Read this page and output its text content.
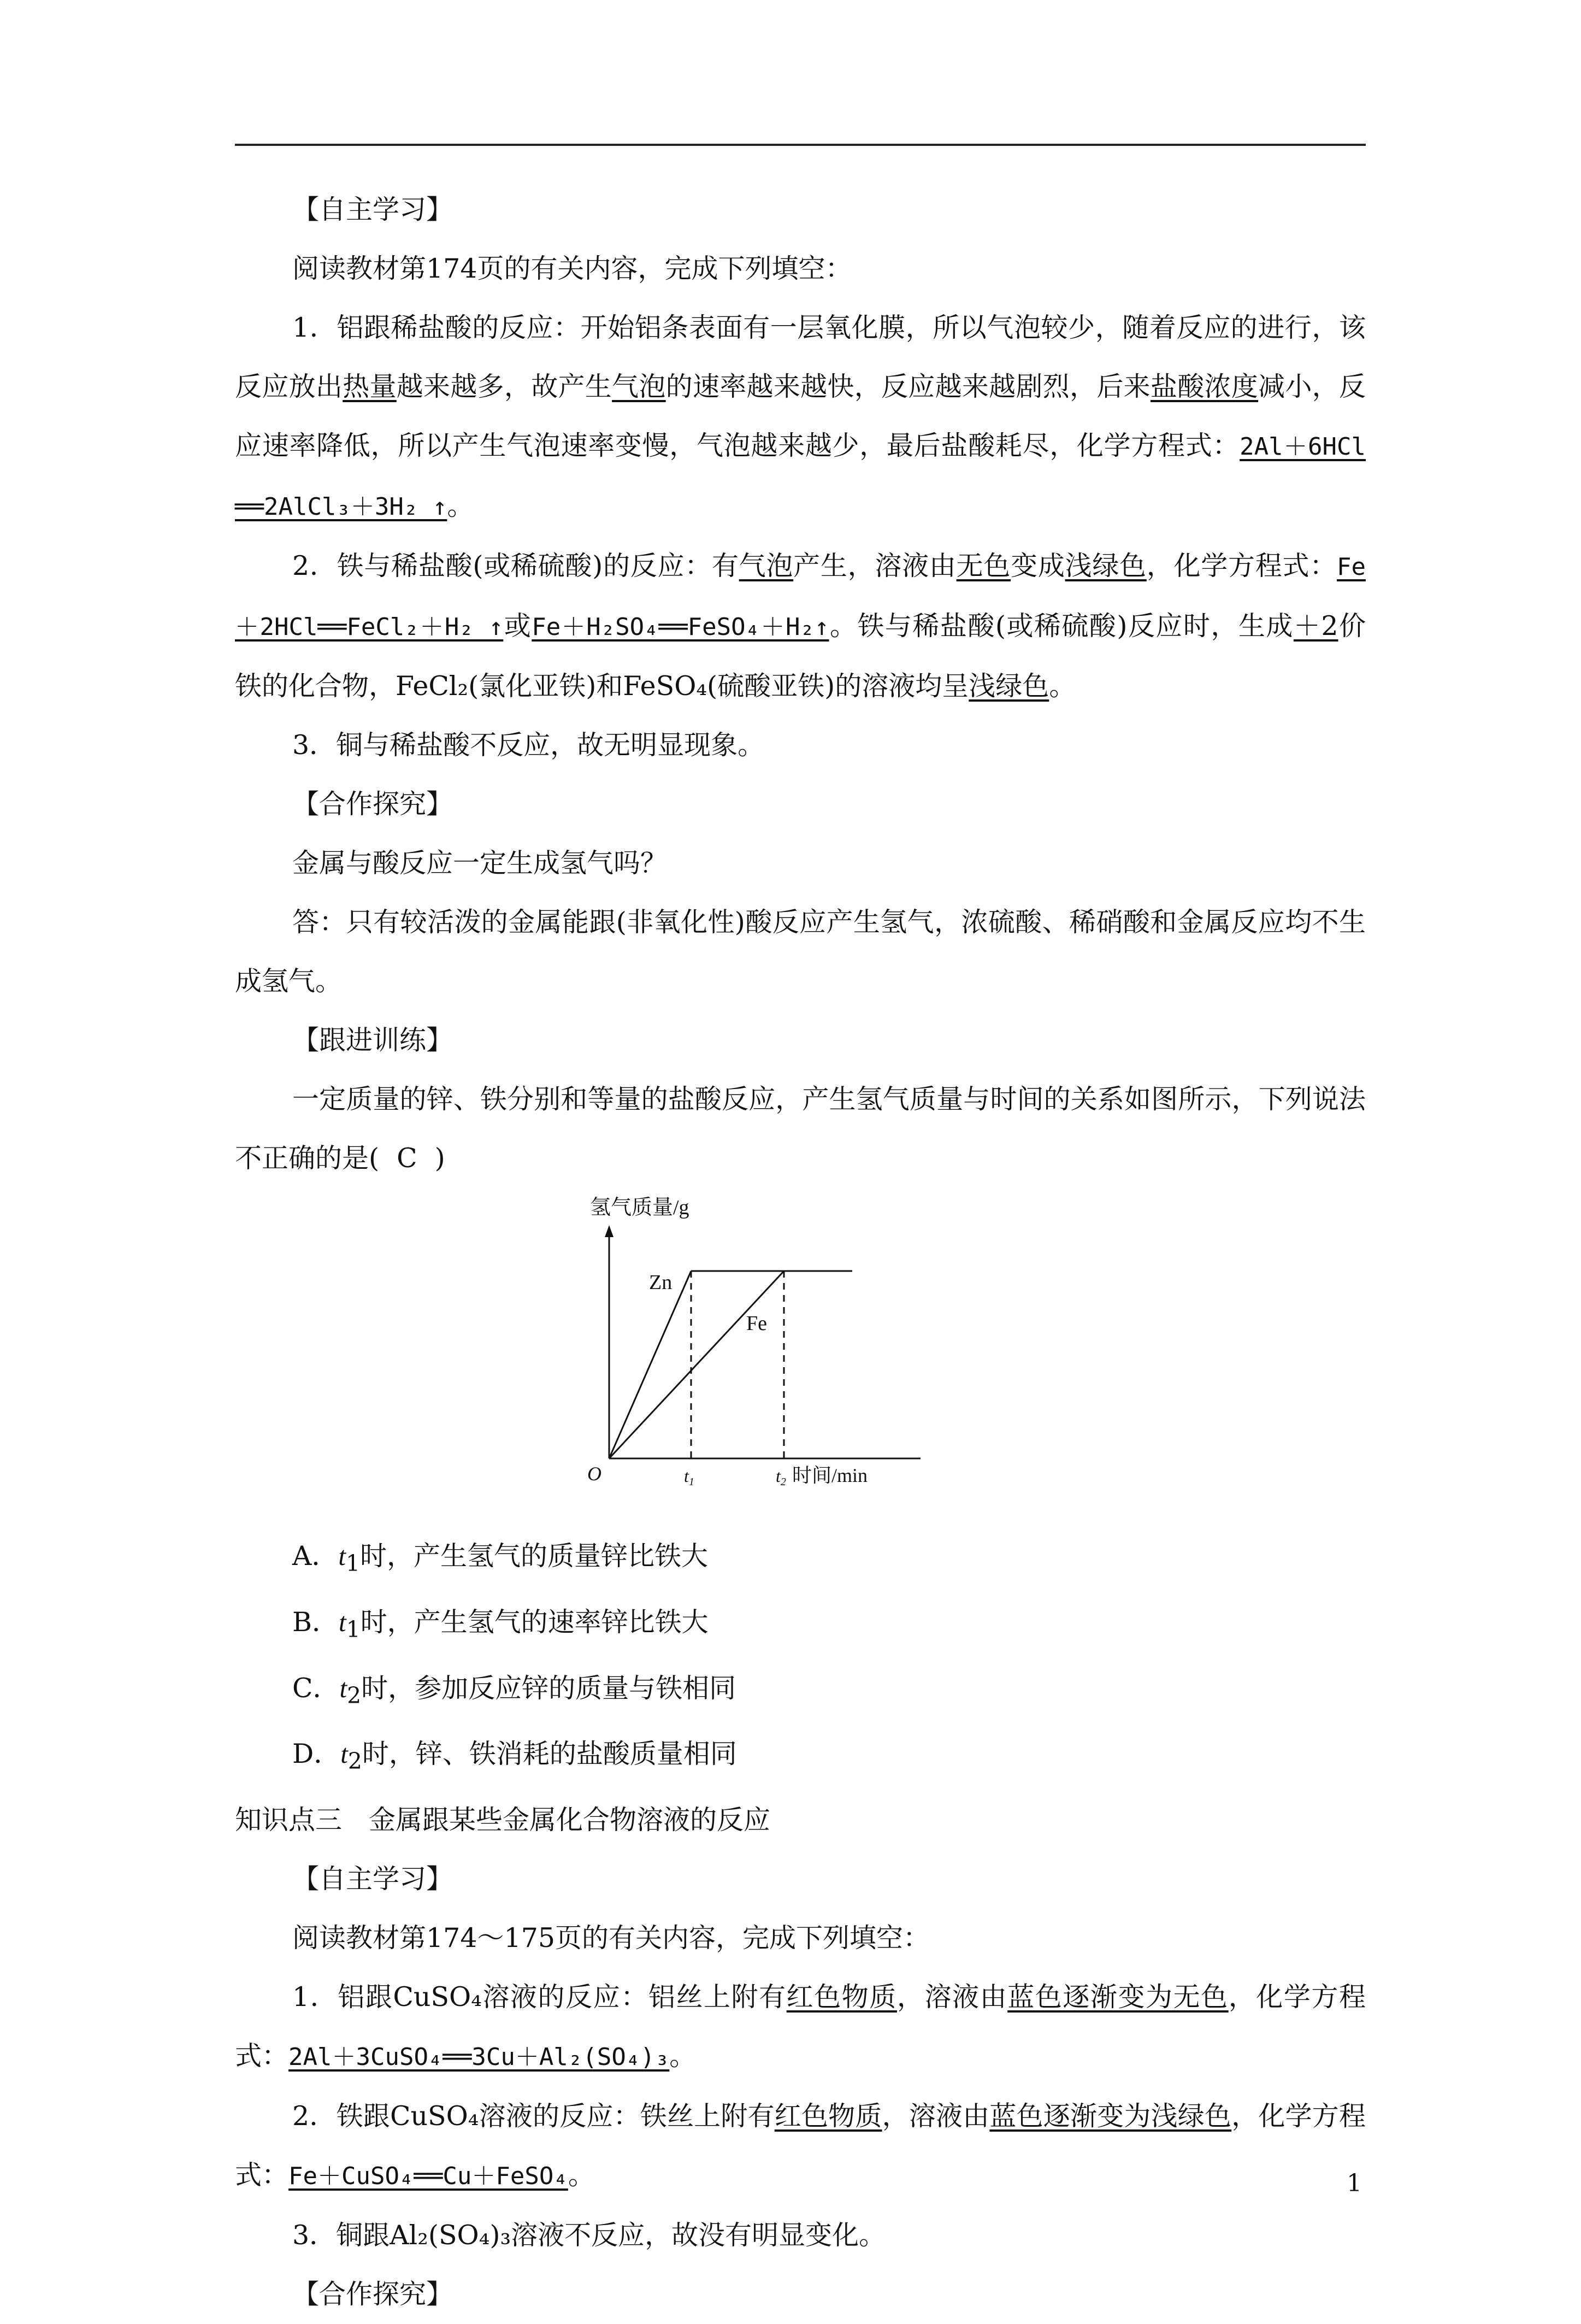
【自主学习】

阅读教材第174页的有关内容，完成下列填空：

1．铝跟稀盐酸的反应：开始铝条表面有一层氧化膜，所以气泡较少，随着反应的进行，该反应放出热量越来越多，故产生气泡的速率越来越快，反应越来越剧烈，后来盐酸浓度减小，反应速率降低，所以产生气泡速率变慢，气泡越来越少，最后盐酸耗尽，化学方程式：2Al＋6HCl ══2AlCl₃＋3H₂ ↑。

2．铁与稀盐酸(或稀硫酸)的反应：有气泡产生，溶液由无色变成浅绿色，化学方程式：Fe＋2HCl══FeCl₂＋H₂ ↑或Fe＋H₂SO₄══FeSO₄＋H₂↑。铁与稀盐酸(或稀硫酸)反应时，生成＋2价铁的化合物，FeCl₂(氯化亚铁)和FeSO₄(硫酸亚铁)的溶液均呈浅绿色。

3．铜与稀盐酸不反应，故无明显现象。

【合作探究】

金属与酸反应一定生成氢气吗？

答：只有较活泼的金属能跟(非氧化性)酸反应产生氢气，浓硫酸、稀硝酸和金属反应均不生成氢气。

【跟进训练】

一定质量的锌、铁分别和等量的盐酸反应，产生氢气质量与时间的关系如图所示，下列说法不正确的是( C )

氢气质量/g
O
Zn
Fe
t1	t2 时间/min

A．$t_1$时，产生氢气的质量锌比铁大

B．$t_1$时，产生氢气的速率锌比铁大

C．$t_2$时，参加反应锌的质量与铁相同

D．$t_2$时，锌、铁消耗的盐酸质量相同

知识点三　金属跟某些金属化合物溶液的反应

【自主学习】

阅读教材第174～175页的有关内容，完成下列填空：

1．铝跟CuSO₄溶液的反应：铝丝上附有红色物质，溶液由蓝色逐渐变为无色，化学方程式：2Al＋3CuSO₄══3Cu＋Al₂(SO₄)₃。

2．铁跟CuSO₄溶液的反应：铁丝上附有红色物质，溶液由蓝色逐渐变为浅绿色，化学方程式：Fe＋CuSO₄══Cu＋FeSO₄。

3．铜跟Al₂(SO₄)₃溶液不反应，故没有明显变化。

【合作探究】

1
